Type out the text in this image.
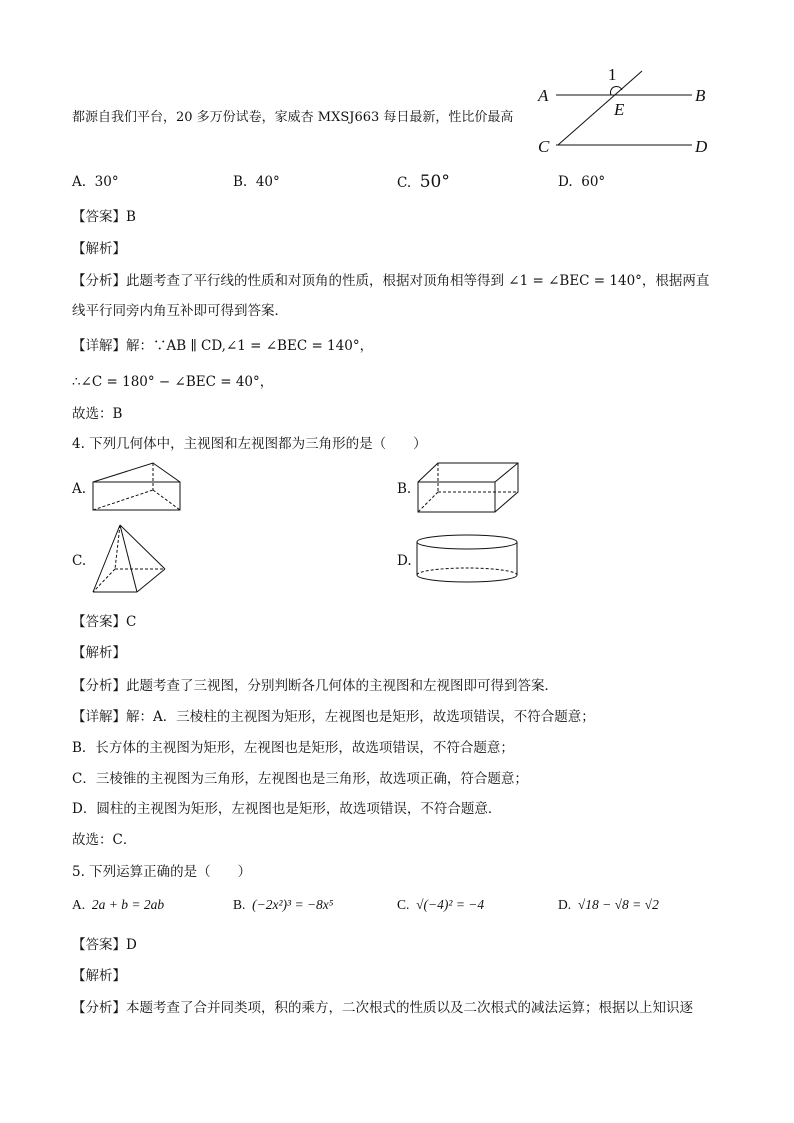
都源自我们平台，20 多万份试卷，家威杏 MXSJ663 每日最新，性比价最高
1
A	B
E
C	D
A. 30°	B. 40°	C. 50°	D. 60°
【答案】B
【解析】
【分析】此题考查了平行线的性质和对顶角的性质，根据对顶角相等得到 ∠1 = ∠BEC = 140°，根据两直
线平行同旁内角互补即可得到答案．
【详解】解：∵AB ∥ CD,∠1 = ∠BEC = 140°，
∴∠C = 180° − ∠BEC = 40°，
故选：B
4. 下列几何体中，主视图和左视图都为三角形的是（　　）
A.	B.
C.	D.
【答案】C
【解析】
【分析】此题考查了三视图，分别判断各几何体的主视图和左视图即可得到答案．
【详解】解：A．三棱柱的主视图为矩形，左视图也是矩形，故选项错误，不符合题意；
B．长方体的主视图为矩形，左视图也是矩形，故选项错误，不符合题意；
C．三棱锥的主视图为三角形，左视图也是三角形，故选项正确，符合题意；
D．圆柱的主视图为矩形，左视图也是矩形，故选项错误，不符合题意．
故选：C．
5. 下列运算正确的是（　　）
A. 2a + b = 2ab	B. (−2x²)³ = −8x⁵	C. √(−4)² = −4	D. √18 − √8 = √2
【答案】D
【解析】
【分析】本题考查了合并同类项，积的乘方，二次根式的性质以及二次根式的减法运算；根据以上知识逐
